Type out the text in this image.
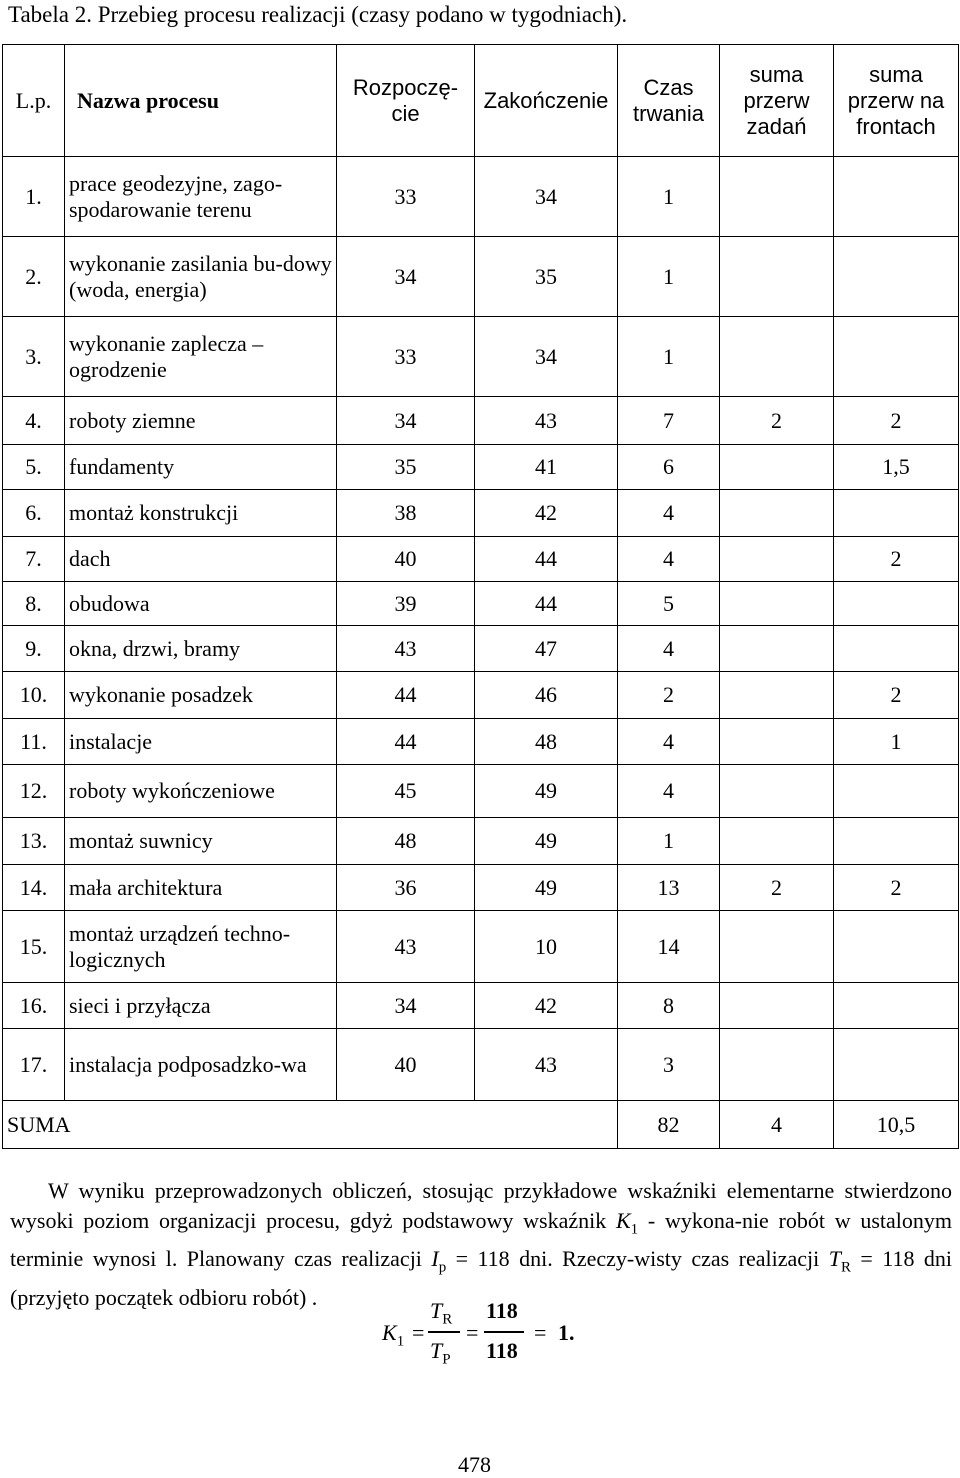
Tabela 2. Przebieg procesu realizacji (czasy podano w tygodniach).
L.p.	Nazwa procesu	Rozpoczę-cie	Zakończenie	Czas trwania	suma przerw zadań	suma przerw na frontach
1.	prace geodezyjne, zago-spodarowanie terenu	33	34	1		
2.	wykonanie zasilania bu-dowy (woda, energia)	34	35	1		
3.	wykonanie zaplecza – ogrodzenie	33	34	1		
4.	roboty ziemne	34	43	7	2	2
5.	fundamenty	35	41	6		1,5
6.	montaż konstrukcji	38	42	4		
7.	dach	40	44	4		2
8.	obudowa	39	44	5		
9.	okna, drzwi, bramy	43	47	4		
10.	wykonanie posadzek	44	46	2		2
11.	instalacje	44	48	4		1
12.	roboty wykończeniowe	45	49	4		
13.	montaż suwnicy	48	49	1		
14.	mała architektura	36	49	13	2	2
15.	montaż urządzeń techno-logicznych	43	10	14		
16.	sieci i przyłącza	34	42	8		
17.	instalacja podposadzko-wa	40	43	3		
SUMA				82	4	10,5
W wyniku przeprowadzonych obliczeń, stosując przykładowe wskaźniki elementarne stwierdzono wysoki poziom organizacji procesu, gdyż podstawowy wskaźnik $K_1$ - wykona-nie robót w ustalonym terminie wynosi l. Planowany czas realizacji $I_p = 118$ dni. Rzeczy-wisty czas realizacji $T_R = 118$ dni (przyjęto początek odbioru robót) .
$K_1$ =
$T_R$
$T_P$
=
118
118
= 1.
478
